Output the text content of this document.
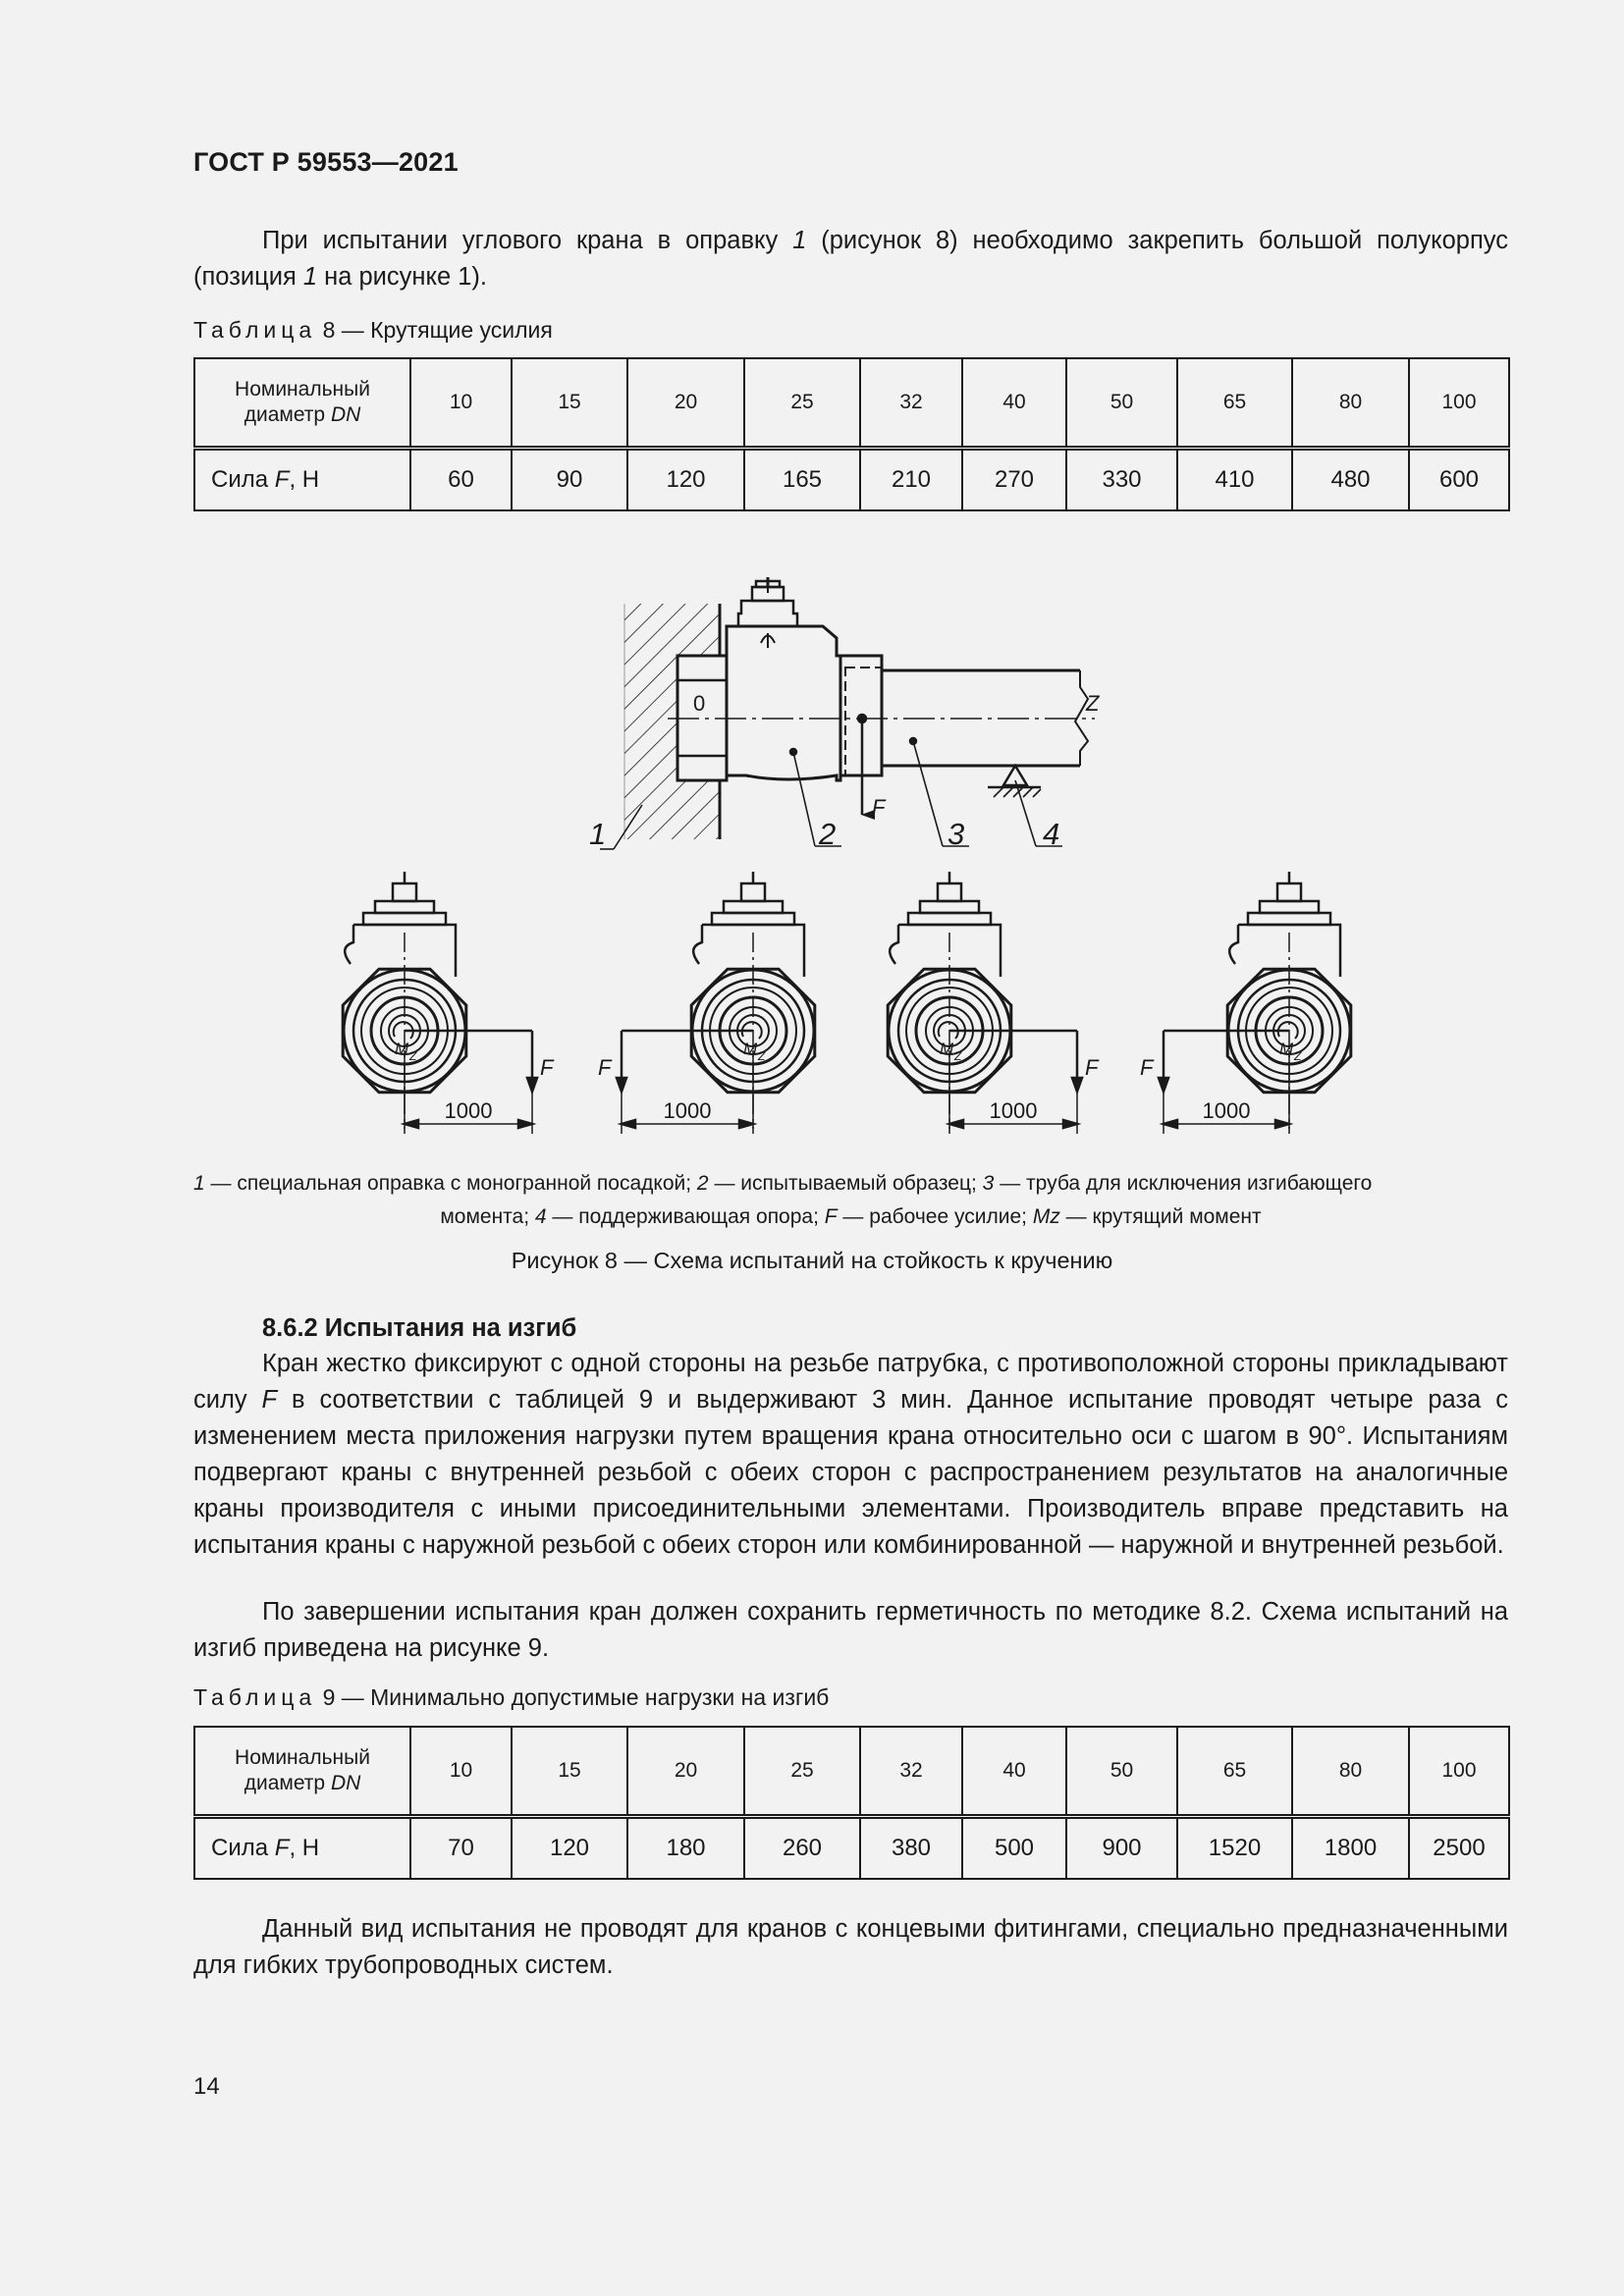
ГОСТ Р 59553—2021
При испытании углового крана в оправку 1 (рисунок 8) необходимо закрепить большой полукорпус (позиция 1 на рисунке 1).
Таблица 8 — Крутящие усилия
Номинальный
диаметр DN	10	15	20	25	32	40	50	65	80	100
Сила F, Н	60	90	120	165	210	270	330	410	480	600
1	2	3	4
0	Z
F
1000
F
M Z
1000
F
M Z
1000
F
M Z
1000
F
M Z
1 — специальная оправка с моногранной посадкой; 2 — испытываемый образец; 3 — труба для исключения изгибающего
момента; 4 — поддерживающая опора; F — рабочее усилие; Mz — крутящий момент
Рисунок 8 — Схема испытаний на стойкость к кручению
8.6.2 Испытания на изгиб
Кран жестко фиксируют с одной стороны на резьбе патрубка, с противоположной стороны прикладывают силу F в соответствии с таблицей 9 и выдерживают 3 мин. Данное испытание проводят четыре раза с изменением места приложения нагрузки путем вращения крана относительно оси с шагом в 90°. Испытаниям подвергают краны с внутренней резьбой с обеих сторон с распространением результатов на аналогичные краны производителя с иными присоединительными элементами. Производитель вправе представить на испытания краны с наружной резьбой с обеих сторон или комбинированной — наружной и внутренней резьбой.
По завершении испытания кран должен сохранить герметичность по методике 8.2. Схема испытаний на изгиб приведена на рисунке 9.
Таблица 9 — Минимально допустимые нагрузки на изгиб
Номинальный
диаметр DN	10	15	20	25	32	40	50	65	80	100
Сила F, Н	70	120	180	260	380	500	900	1520	1800	2500
Данный вид испытания не проводят для кранов с концевыми фитингами, специально предназначенными для гибких трубопроводных систем.
14
